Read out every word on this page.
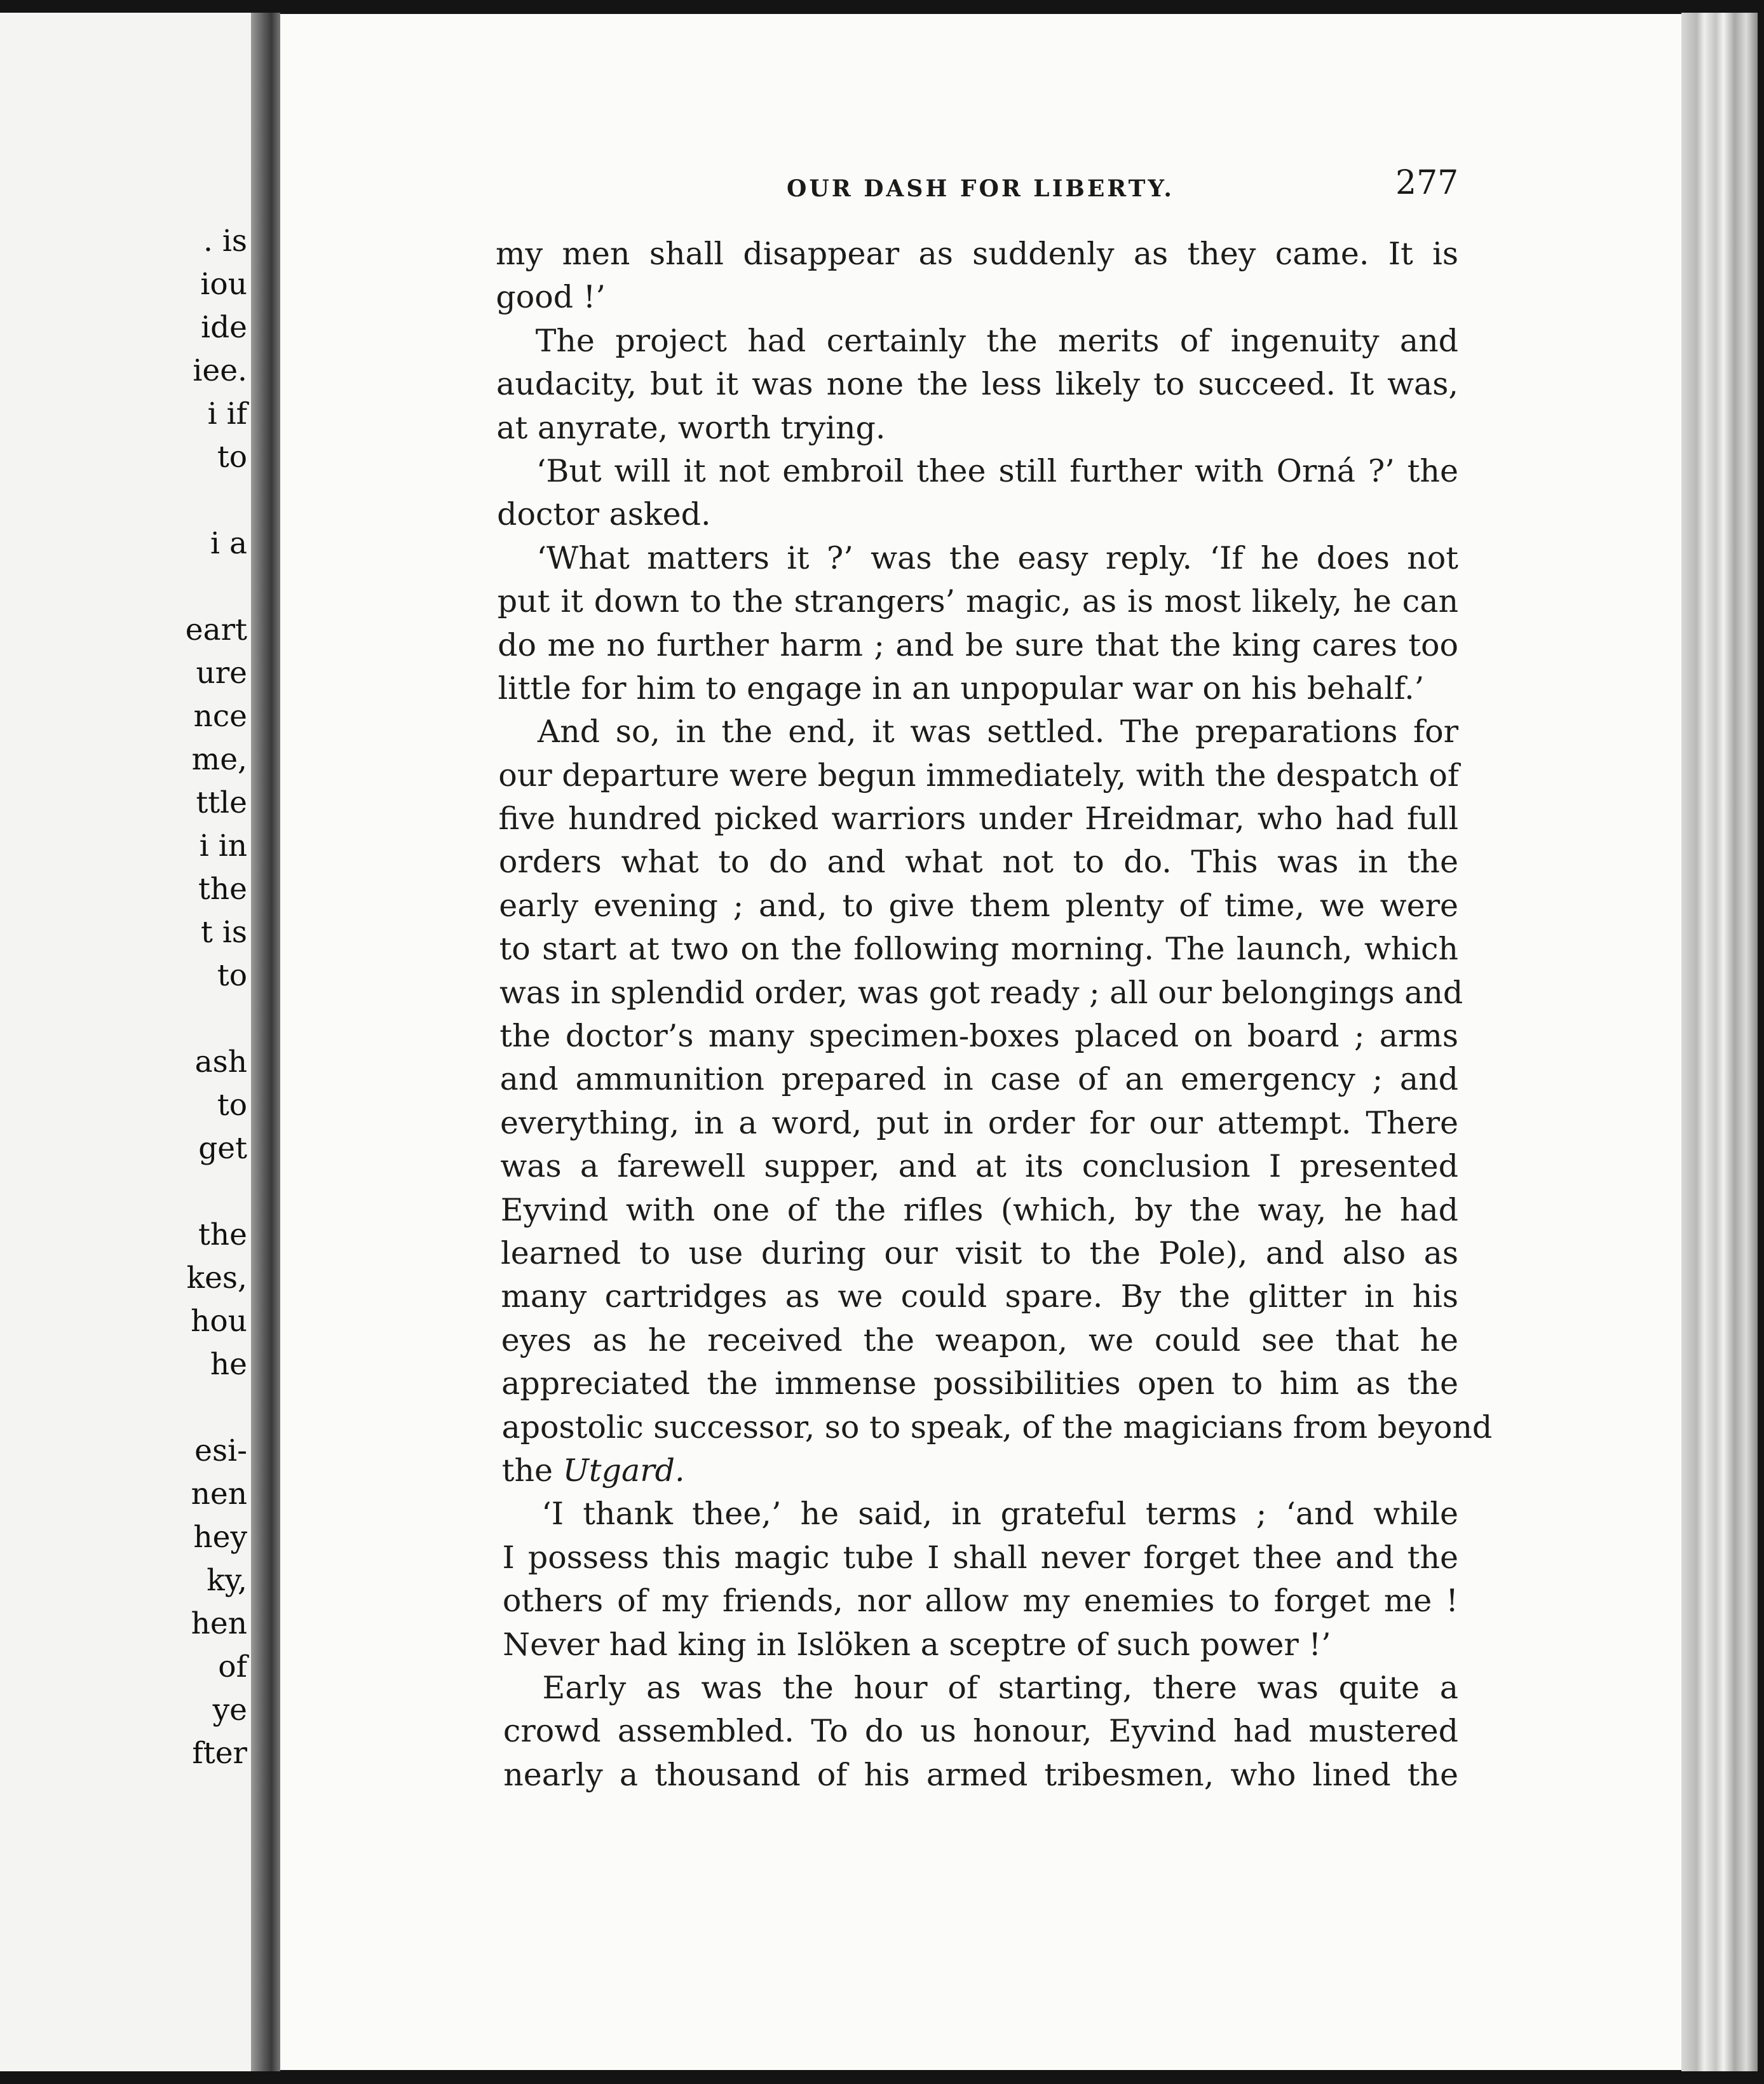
. is
iou
ide
iee.
i if
to
i a
eart
ure
nce
me,
ttle
i in
the
t is
to
ash
to
get
the
kes,
hou
he
esi-
nen
hey
ky,
hen
of
ye
fter
OUR DASH FOR LIBERTY.	277
my men shall disappear as suddenly as they came. It is
good !’
The project had certainly the merits of ingenuity and
audacity, but it was none the less likely to succeed. It was,
at anyrate, worth trying.
‘But will it not embroil thee still further with Orná ?’ the
doctor asked.
‘What matters it ?’ was the easy reply. ‘If he does not
put it down to the strangers’ magic, as is most likely, he can
do me no further harm ; and be sure that the king cares too
little for him to engage in an unpopular war on his behalf.’
And so, in the end, it was settled. The preparations for
our departure were begun immediately, with the despatch of
five hundred picked warriors under Hreidmar, who had full
orders what to do and what not to do. This was in the
early evening ; and, to give them plenty of time, we were
to start at two on the following morning. The launch, which
was in splendid order, was got ready ; all our belongings and
the doctor’s many specimen-boxes placed on board ; arms
and ammunition prepared in case of an emergency ; and
everything, in a word, put in order for our attempt. There
was a farewell supper, and at its conclusion I presented
Eyvind with one of the rifles (which, by the way, he had
learned to use during our visit to the Pole), and also as
many cartridges as we could spare. By the glitter in his
eyes as he received the weapon, we could see that he
appreciated the immense possibilities open to him as the
apostolic successor, so to speak, of the magicians from beyond
the Utgard.
‘I thank thee,’ he said, in grateful terms ; ‘and while
I possess this magic tube I shall never forget thee and the
others of my friends, nor allow my enemies to forget me !
Never had king in Islöken a sceptre of such power !’
Early as was the hour of starting, there was quite a
crowd assembled. To do us honour, Eyvind had mustered
nearly a thousand of his armed tribesmen, who lined the
